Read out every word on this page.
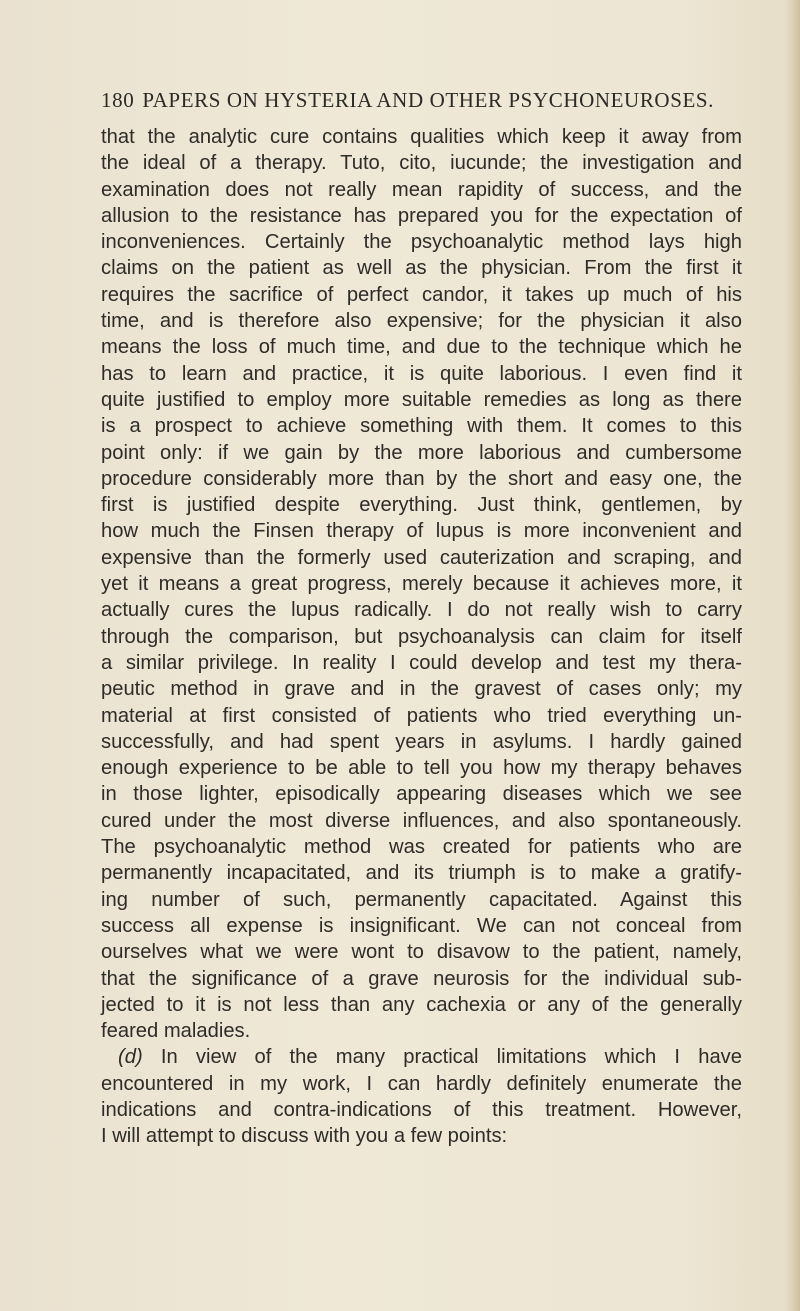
180 PAPERS ON HYSTERIA AND OTHER PSYCHONEUROSES.
that the analytic cure contains qualities which keep it away from
the ideal of a therapy. Tuto, cito, iucunde; the investigation and
examination does not really mean rapidity of success, and the
allusion to the resistance has prepared you for the expectation of
inconveniences. Certainly the psychoanalytic method lays high
claims on the patient as well as the physician. From the first it
requires the sacrifice of perfect candor, it takes up much of his
time, and is therefore also expensive; for the physician it also
means the loss of much time, and due to the technique which he
has to learn and practice, it is quite laborious. I even find it
quite justified to employ more suitable remedies as long as there
is a prospect to achieve something with them. It comes to this
point only: if we gain by the more laborious and cumbersome
procedure considerably more than by the short and easy one, the
first is justified despite everything. Just think, gentlemen, by
how much the Finsen therapy of lupus is more inconvenient and
expensive than the formerly used cauterization and scraping, and
yet it means a great progress, merely because it achieves more, it
actually cures the lupus radically. I do not really wish to carry
through the comparison, but psychoanalysis can claim for itself
a similar privilege. In reality I could develop and test my thera-
peutic method in grave and in the gravest of cases only; my
material at first consisted of patients who tried everything un-
successfully, and had spent years in asylums. I hardly gained
enough experience to be able to tell you how my therapy behaves
in those lighter, episodically appearing diseases which we see
cured under the most diverse influences, and also spontaneously.
The psychoanalytic method was created for patients who are
permanently incapacitated, and its triumph is to make a gratify-
ing number of such, permanently capacitated. Against this
success all expense is insignificant. We can not conceal from
ourselves what we were wont to disavow to the patient, namely,
that the significance of a grave neurosis for the individual sub-
jected to it is not less than any cachexia or any of the generally
feared maladies.
(d) In view of the many practical limitations which I have
encountered in my work, I can hardly definitely enumerate the
indications and contra-indications of this treatment. However,
I will attempt to discuss with you a few points:
